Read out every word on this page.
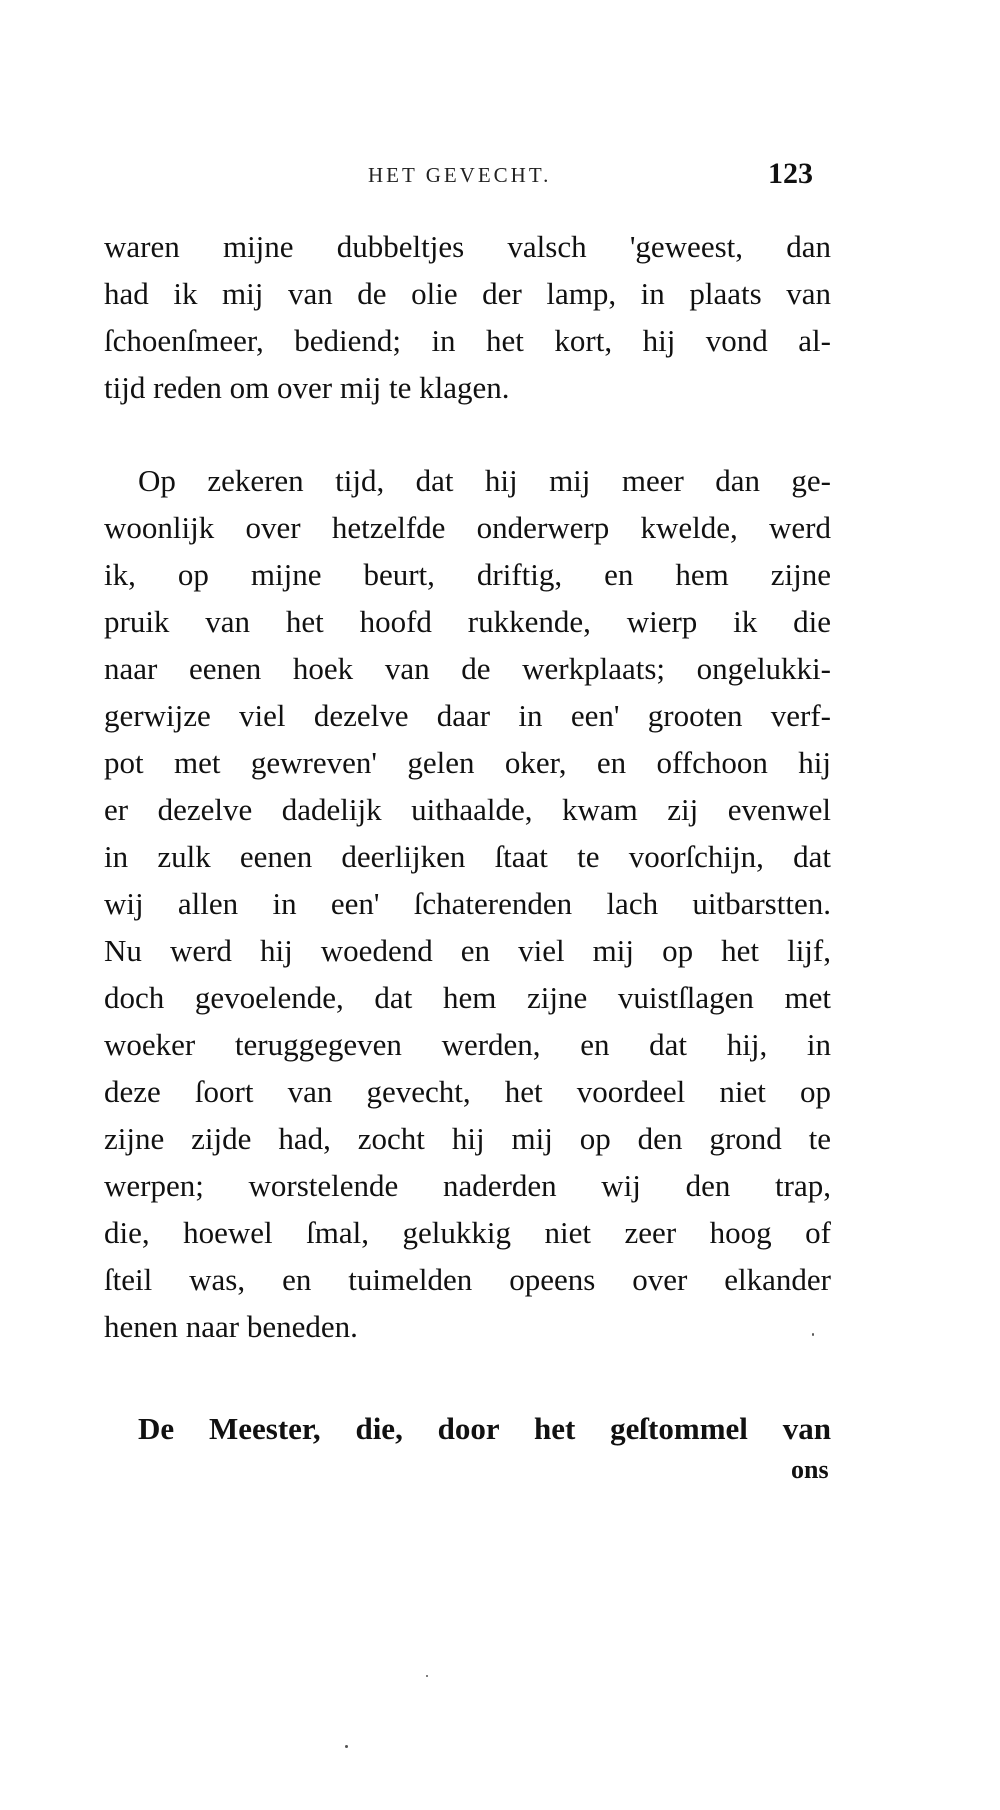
HET GEVECHT.	123
waren mijne dubbeltjes valsch 'geweest, dan
had ik mij van de olie der lamp, in plaats van
ſchoenſmeer, bediend; in het kort, hij vond al-
tijd reden om over mij te klagen.
Op zekeren tijd, dat hij mij meer dan ge-
woonlijk over hetzelfde onderwerp kwelde, werd
ik, op mijne beurt, driftig, en hem zijne
pruik van het hoofd rukkende, wierp ik die
naar eenen hoek van de werkplaats; ongelukki-
gerwijze viel dezelve daar in een' grooten verf-
pot met gewreven' gelen oker, en offchoon hij
er dezelve dadelijk uithaalde, kwam zij evenwel
in zulk eenen deerlijken ſtaat te voorſchijn, dat
wij allen in een' ſchaterenden lach uitbarstten.
Nu werd hij woedend en viel mij op het lijf,
doch gevoelende, dat hem zijne vuistſlagen met
woeker teruggegeven werden, en dat hij, in
deze ſoort van gevecht, het voordeel niet op
zijne zijde had, zocht hij mij op den grond te
werpen; worstelende naderden wij den trap,
die, hoewel ſmal, gelukkig niet zeer hoog of
ſteil was, en tuimelden opeens over elkander
henen naar beneden.
De Meester, die, door het geſtommel van
ons
